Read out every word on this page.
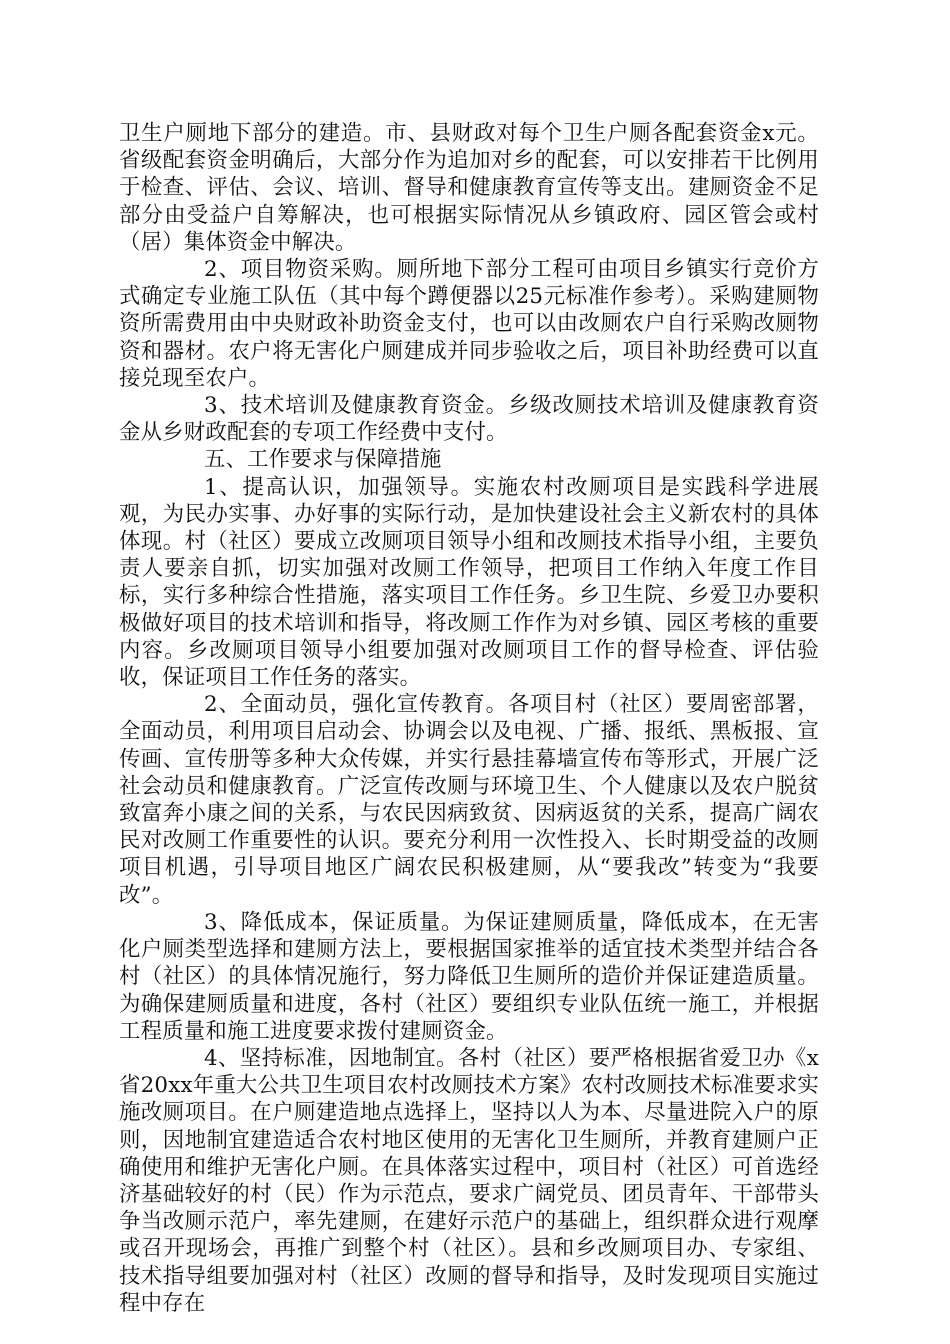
卫生户厕地下部分的建造。市、县财政对每个卫生户厕各配套资金x元。省级配套资金明确后，大部分作为追加对乡的配套，可以安排若干比例用于检查、评估、会议、培训、督导和健康教育宣传等支出。建厕资金不足部分由受益户自筹解决，也可根据实际情况从乡镇政府、园区管会或村（居）集体资金中解决。

2、项目物资采购。厕所地下部分工程可由项目乡镇实行竞价方式确定专业施工队伍（其中每个蹲便器以25元标准作参考）。采购建厕物资所需费用由中央财政补助资金支付，也可以由改厕农户自行采购改厕物资和器材。农户将无害化户厕建成并同步验收之后，项目补助经费可以直接兑现至农户。

3、技术培训及健康教育资金。乡级改厕技术培训及健康教育资金从乡财政配套的专项工作经费中支付。

五、工作要求与保障措施

1、提高认识，加强领导。实施农村改厕项目是实践科学进展观，为民办实事、办好事的实际行动，是加快建设社会主义新农村的具体体现。村（社区）要成立改厕项目领导小组和改厕技术指导小组，主要负责人要亲自抓，切实加强对改厕工作领导，把项目工作纳入年度工作目标，实行多种综合性措施，落实项目工作任务。乡卫生院、乡爱卫办要积极做好项目的技术培训和指导，将改厕工作作为对乡镇、园区考核的重要内容。乡改厕项目领导小组要加强对改厕项目工作的督导检查、评估验收，保证项目工作任务的落实。

2、全面动员，强化宣传教育。各项目村（社区）要周密部署，全面动员，利用项目启动会、协调会以及电视、广播、报纸、黑板报、宣传画、宣传册等多种大众传媒，并实行悬挂幕墙宣传布等形式，开展广泛社会动员和健康教育。广泛宣传改厕与环境卫生、个人健康以及农户脱贫致富奔小康之间的关系，与农民因病致贫、因病返贫的关系，提高广阔农民对改厕工作重要性的认识。要充分利用一次性投入、长时期受益的改厕项目机遇，引导项目地区广阔农民积极建厕，从“要我改”转变为“我要改”。

3、降低成本，保证质量。为保证建厕质量，降低成本，在无害化户厕类型选择和建厕方法上，要根据国家推举的适宜技术类型并结合各村（社区）的具体情况施行，努力降低卫生厕所的造价并保证建造质量。为确保建厕质量和进度，各村（社区）要组织专业队伍统一施工，并根据工程质量和施工进度要求拨付建厕资金。

4、坚持标准，因地制宜。各村（社区）要严格根据省爱卫办《x省20xx年重大公共卫生项目农村改厕技术方案》农村改厕技术标准要求实施改厕项目。在户厕建造地点选择上，坚持以人为本、尽量进院入户的原则，因地制宜建造适合农村地区使用的无害化卫生厕所，并教育建厕户正确使用和维护无害化户厕。在具体落实过程中，项目村（社区）可首选经济基础较好的村（民）作为示范点，要求广阔党员、团员青年、干部带头争当改厕示范户，率先建厕，在建好示范户的基础上，组织群众进行观摩或召开现场会，再推广到整个村（社区）。县和乡改厕项目办、专家组、技术指导组要加强对村（社区）改厕的督导和指导，及时发现项目实施过程中存在
